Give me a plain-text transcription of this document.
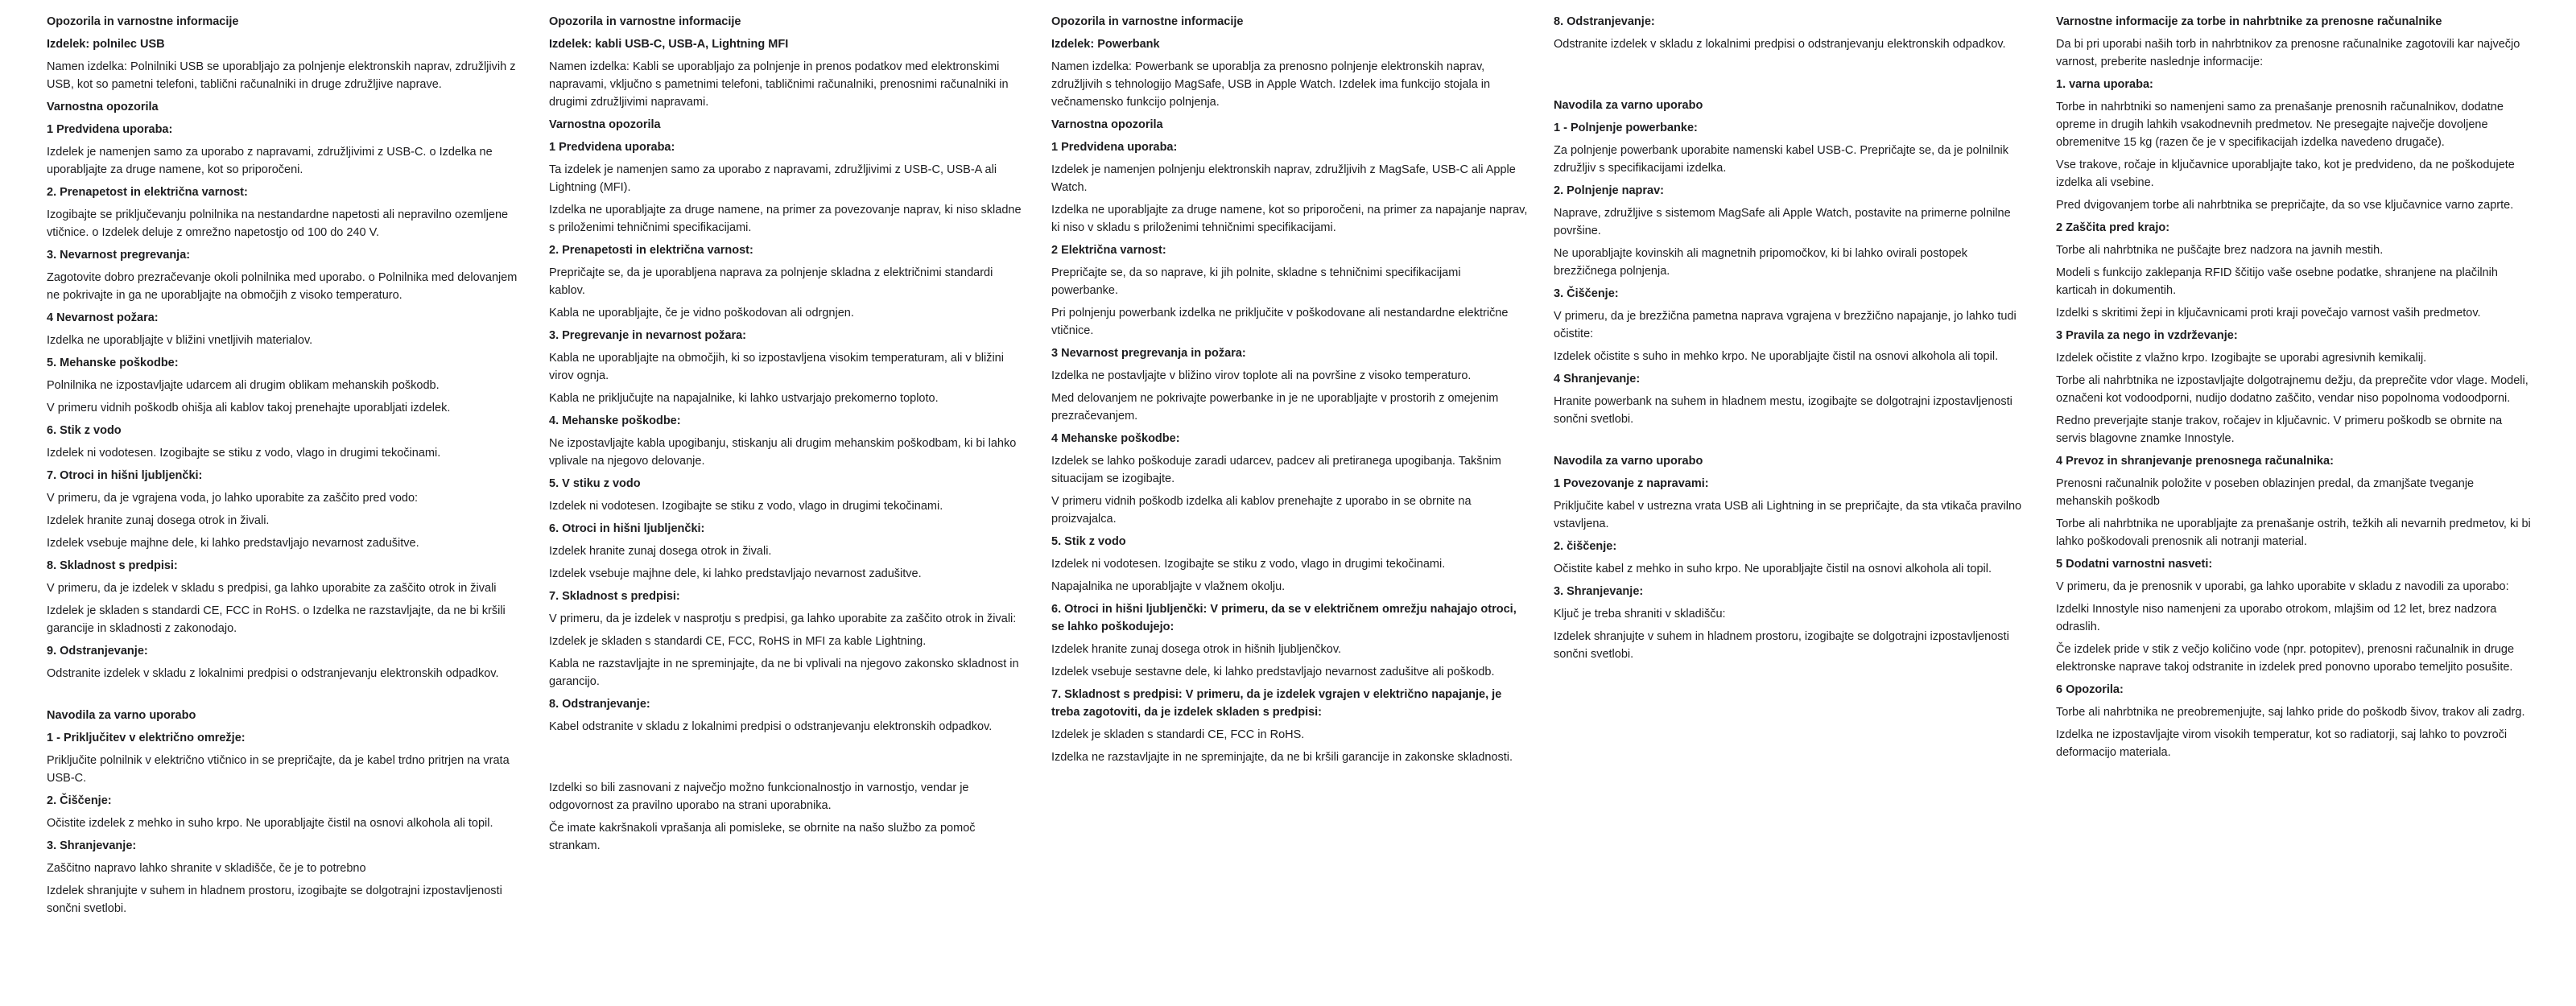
Opozorila in varnostne informacije
Izdelek: polnilec USB
Namen izdelka: Polnilniki USB se uporabljajo za polnjenje elektronskih naprav, združljivih z USB, kot so pametni telefoni, tablični računalniki in druge združljive naprave.
Varnostna opozorila
1 Predvidena uporaba:
Izdelek je namenjen samo za uporabo z napravami, združljivimi z USB-C. o Izdelka ne uporabljajte za druge namene, kot so priporočeni.
2. Prenapetost in električna varnost:
Izogibajte se priključevanju polnilnika na nestandardne napetosti ali nepravilno ozemljene vtičnice. o Izdelek deluje z omrežno napetostjo od 100 do 240 V.
3. Nevarnost pregrevanja:
Zagotovite dobro prezračevanje okoli polnilnika med uporabo. o Polnilnika med delovanjem ne pokrivajte in ga ne uporabljajte na območjih z visoko temperaturo.
4 Nevarnost požara:
Izdelka ne uporabljajte v bližini vnetljivih materialov.
5. Mehanske poškodbe:
Polnilnika ne izpostavljajte udarcem ali drugim oblikam mehanskih poškodb.
V primeru vidnih poškodb ohišja ali kablov takoj prenehajte uporabljati izdelek.
6. Stik z vodo
Izdelek ni vodotesen. Izogibajte se stiku z vodo, vlago in drugimi tekočinami.
7. Otroci in hišni ljubljenčki:
V primeru, da je vgrajena voda, jo lahko uporabite za zaščito pred vodo:
Izdelek hranite zunaj dosega otrok in živali.
Izdelek vsebuje majhne dele, ki lahko predstavljajo nevarnost zadušitve.
8. Skladnost s predpisi:
V primeru, da je izdelek v skladu s predpisi, ga lahko uporabite za zaščito otrok in živali
Izdelek je skladen s standardi CE, FCC in RoHS. o Izdelka ne razstavljajte, da ne bi kršili garancije in skladnosti z zakonodajo.
9. Odstranjevanje:
Odstranite izdelek v skladu z lokalnimi predpisi o odstranjevanju elektronskih odpadkov.
Navodila za varno uporabo
1 - Priključitev v električno omrežje:
Priključite polnilnik v električno vtičnico in se prepričajte, da je kabel trdno pritrjen na vrata USB-C.
2. Čiščenje:
Očistite izdelek z mehko in suho krpo. Ne uporabljajte čistil na osnovi alkohola ali topil.
3. Shranjevanje:
Zaščitno napravo lahko shranite v skladišče, če je to potrebno
Izdelek shranjujte v suhem in hladnem prostoru, izogibajte se dolgotrajni izpostavljenosti sončni svetlobi.
Opozorila in varnostne informacije
Izdelek: kabli USB-C, USB-A, Lightning MFI
Namen izdelka: Kabli se uporabljajo za polnjenje in prenos podatkov med elektronskimi napravami, vključno s pametnimi telefoni, tabličnimi računalniki, prenosnimi računalniki in drugimi združljivimi napravami.
Varnostna opozorila
1 Predvidena uporaba:
Ta izdelek je namenjen samo za uporabo z napravami, združljivimi z USB-C, USB-A ali Lightning (MFI).
Izdelka ne uporabljajte za druge namene, na primer za povezovanje naprav, ki niso skladne s priloženimi tehničnimi specifikacijami.
2. Prenapetosti in električna varnost:
Prepričajte se, da je uporabljena naprava za polnjenje skladna z električnimi standardi kablov.
Kabla ne uporabljajte, če je vidno poškodovan ali odrgnjen.
3. Pregrevanje in nevarnost požara:
Kabla ne uporabljajte na območjih, ki so izpostavljena visokim temperaturam, ali v bližini virov ognja.
Kabla ne priključujte na napajalnike, ki lahko ustvarjajo prekomerno toploto.
4. Mehanske poškodbe:
Ne izpostavljajte kabla upogibanju, stiskanju ali drugim mehanskim poškodbam, ki bi lahko vplivale na njegovo delovanje.
5. V stiku z vodo
Izdelek ni vodotesen. Izogibajte se stiku z vodo, vlago in drugimi tekočinami.
6. Otroci in hišni ljubljenčki:
Izdelek hranite zunaj dosega otrok in živali.
Izdelek vsebuje majhne dele, ki lahko predstavljajo nevarnost zadušitve.
7. Skladnost s predpisi:
V primeru, da je izdelek v nasprotju s predpisi, ga lahko uporabite za zaščito otrok in živali:
Izdelek je skladen s standardi CE, FCC, RoHS in MFI za kable Lightning.
Kabla ne razstavljajte in ne spreminjajte, da ne bi vplivali na njegovo zakonsko skladnost in garancijo.
8. Odstranjevanje:
Kabel odstranite v skladu z lokalnimi predpisi o odstranjevanju elektronskih odpadkov.
Izdelki so bili zasnovani z največjo možno funkcionalnostjo in varnostjo, vendar je odgovornost za pravilno uporabo na strani uporabnika.
Če imate kakršnakoli vprašanja ali pomisleke, se obrnite na našo službo za pomoč strankam.
Opozorila in varnostne informacije
Izdelek: Powerbank
Namen izdelka: Powerbank se uporablja za prenosno polnjenje elektronskih naprav, združljivih s tehnologijo MagSafe, USB in Apple Watch. Izdelek ima funkcijo stojala in večnamensko funkcijo polnjenja.
Varnostna opozorila
1 Predvidena uporaba:
Izdelek je namenjen polnjenju elektronskih naprav, združljivih z MagSafe, USB-C ali Apple Watch.
Izdelka ne uporabljajte za druge namene, kot so priporočeni, na primer za napajanje naprav, ki niso v skladu s priloženimi tehničnimi specifikacijami.
2 Električna varnost:
Prepričajte se, da so naprave, ki jih polnite, skladne s tehničnimi specifikacijami powerbanke.
Pri polnjenju powerbank izdelka ne priključite v poškodovane ali nestandardne električne vtičnice.
3 Nevarnost pregrevanja in požara:
Izdelka ne postavljajte v bližino virov toplote ali na površine z visoko temperaturo.
Med delovanjem ne pokrivajte powerbanke in je ne uporabljajte v prostorih z omejenim prezračevanjem.
4 Mehanske poškodbe:
Izdelek se lahko poškoduje zaradi udarcev, padcev ali pretiranega upogibanja. Takšnim situacijam se izogibajte.
V primeru vidnih poškodb izdelka ali kablov prenehajte z uporabo in se obrnite na proizvajalca.
5. Stik z vodo
Izdelek ni vodotesen. Izogibajte se stiku z vodo, vlago in drugimi tekočinami.
Napajalnika ne uporabljajte v vlažnem okolju.
6. Otroci in hišni ljubljenčki: V primeru, da se v električnem omrežju nahajajo otroci, se lahko poškodujejo:
Izdelek hranite zunaj dosega otrok in hišnih ljubljenčkov.
Izdelek vsebuje sestavne dele, ki lahko predstavljajo nevarnost zadušitve ali poškodb.
7. Skladnost s predpisi: V primeru, da je izdelek vgrajen v električno napajanje, je treba zagotoviti, da je izdelek skladen s predpisi:
Izdelek je skladen s standardi CE, FCC in RoHS.
Izdelka ne razstavljajte in ne spreminjajte, da ne bi kršili garancije in zakonske skladnosti.
8. Odstranjevanje:
Odstranite izdelek v skladu z lokalnimi predpisi o odstranjevanju elektronskih odpadkov.
Navodila za varno uporabo
1 - Polnjenje powerbanke:
Za polnjenje powerbank uporabite namenski kabel USB-C. Prepričajte se, da je polnilnik združljiv s specifikacijami izdelka.
2. Polnjenje naprav:
Naprave, združljive s sistemom MagSafe ali Apple Watch, postavite na primerne polnilne površine.
Ne uporabljajte kovinskih ali magnetnih pripomočkov, ki bi lahko ovirali postopek brezžičnega polnjenja.
3. Čiščenje:
V primeru, da je brezžična pametna naprava vgrajena v brezžično napajanje, jo lahko tudi očistite:
Izdelek očistite s suho in mehko krpo. Ne uporabljajte čistil na osnovi alkohola ali topil.
4 Shranjevanje:
Hranite powerbank na suhem in hladnem mestu, izogibajte se dolgotrajni izpostavljenosti sončni svetlobi.
Navodila za varno uporabo
1 Povezovanje z napravami:
Priključite kabel v ustrezna vrata USB ali Lightning in se prepričajte, da sta vtikača pravilno vstavljena.
2. čiščenje:
Očistite kabel z mehko in suho krpo. Ne uporabljajte čistil na osnovi alkohola ali topil.
3. Shranjevanje:
Ključ je treba shraniti v skladišču:
Izdelek shranjujte v suhem in hladnem prostoru, izogibajte se dolgotrajni izpostavljenosti sončni svetlobi.
Varnostne informacije za torbe in nahrbtnike za prenosne računalnike
Da bi pri uporabi naših torb in nahrbtnikov za prenosne računalnike zagotovili kar največjo varnost, preberite naslednje informacije:
1. varna uporaba:
Torbe in nahrbtniki so namenjeni samo za prenašanje prenosnih računalnikov, dodatne opreme in drugih lahkih vsakodnevnih predmetov. Ne presegajte največje dovoljene obremenitve 15 kg (razen če je v specifikacijah izdelka navedeno drugače).
Vse trakove, ročaje in ključavnice uporabljajte tako, kot je predvideno, da ne poškodujete izdelka ali vsebine.
Pred dvigovanjem torbe ali nahrbtnika se prepričajte, da so vse ključavnice varno zaprte.
2 Zaščita pred krajo:
Torbe ali nahrbtnika ne puščajte brez nadzora na javnih mestih.
Modeli s funkcijo zaklepanja RFID ščitijo vaše osebne podatke, shranjene na plačilnih karticah in dokumentih.
Izdelki s skritimi žepi in ključavnicami proti kraji povečajo varnost vaših predmetov.
3 Pravila za nego in vzdrževanje:
Izdelek očistite z vlažno krpo. Izogibajte se uporabi agresivnih kemikalij.
Torbe ali nahrbtnika ne izpostavljajte dolgotrajnemu dežju, da preprečite vdor vlage. Modeli, označeni kot vodoodporni, nudijo dodatno zaščito, vendar niso popolnoma vodoodporni.
Redno preverjajte stanje trakov, ročajev in ključavnic. V primeru poškodb se obrnite na servis blagovne znamke Innostyle.
4 Prevoz in shranjevanje prenosnega računalnika:
Prenosni računalnik položite v poseben oblazinjen predal, da zmanjšate tveganje mehanskih poškodb
Torbe ali nahrbtnika ne uporabljajte za prenašanje ostrih, težkih ali nevarnih predmetov, ki bi lahko poškodovali prenosnik ali notranji material.
5 Dodatni varnostni nasveti:
V primeru, da je prenosnik v uporabi, ga lahko uporabite v skladu z navodili za uporabo:
Izdelki Innostyle niso namenjeni za uporabo otrokom, mlajšim od 12 let, brez nadzora odraslih.
Če izdelek pride v stik z večjo količino vode (npr. potopitev), prenosni računalnik in druge elektronske naprave takoj odstranite in izdelek pred ponovno uporabo temeljito posušite.
6 Opozorila:
Torbe ali nahrbtnika ne preobremenjujte, saj lahko pride do poškodb šivov, trakov ali zadrg.
Izdelka ne izpostavljajte virom visokih temperatur, kot so radiatorji, saj lahko to povzroči deformacijo materiala.
